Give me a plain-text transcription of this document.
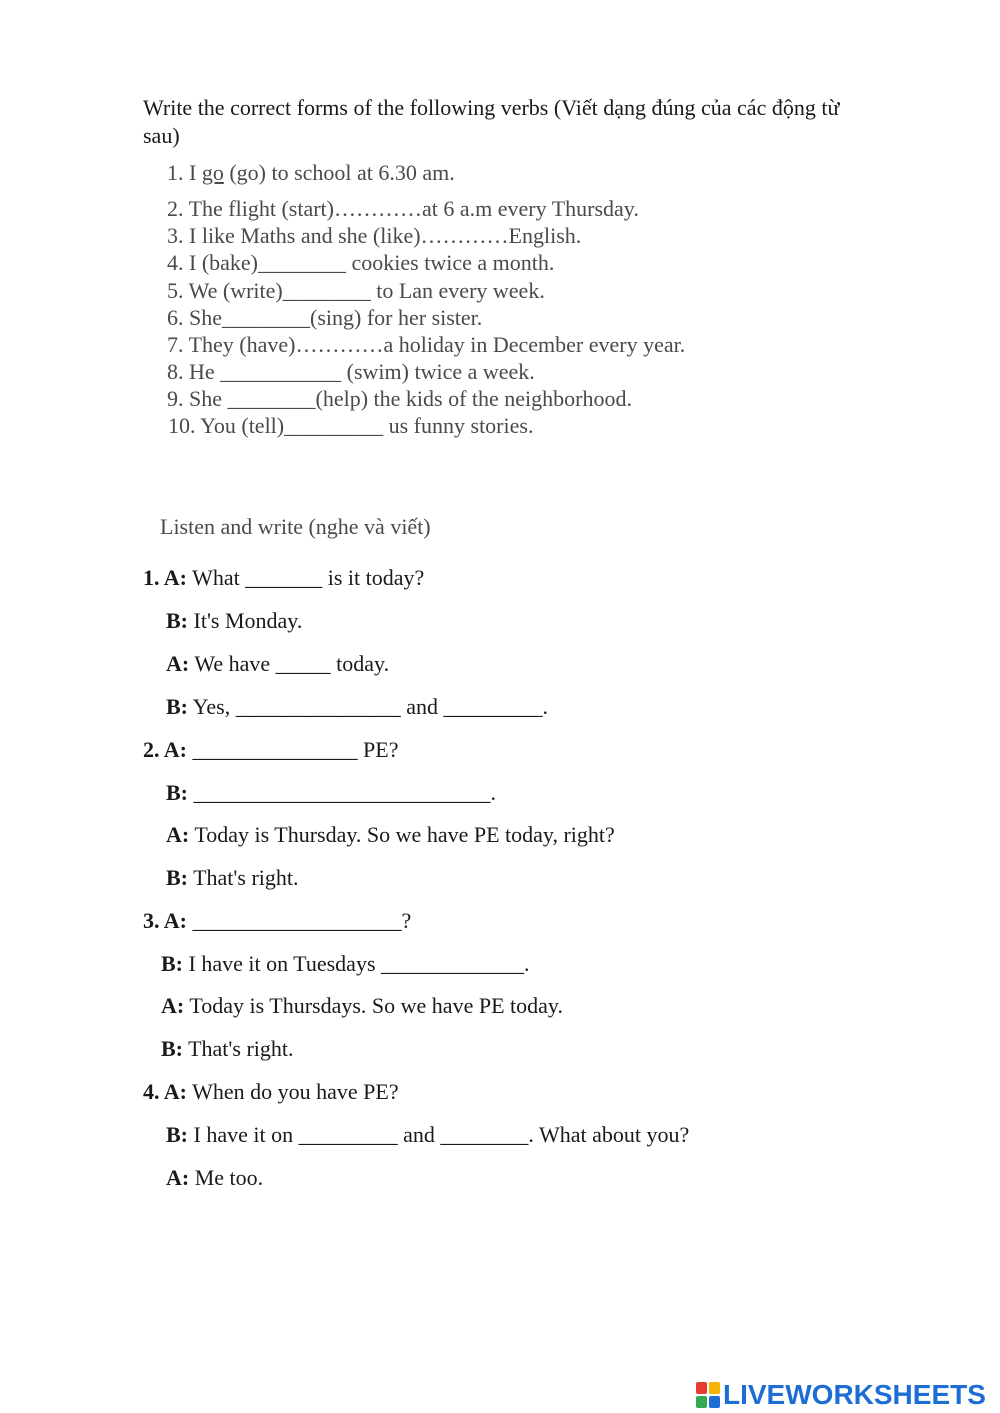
Write the correct forms of the following verbs (Viết dạng đúng của các động từ
sau)
1. I go (go) to school at 6.30 am.
2. The flight (start)…………at 6 a.m every Thursday.
3. I like Maths and she (like)…………English.
4. I (bake)________ cookies twice a month.
5. We (write)________ to Lan every week.
6. She________(sing) for her sister.
7. They (have)…………a holiday in December every year.
8. He ___________ (swim) twice a week.
9. She ________(help) the kids of the neighborhood.
10. You (tell)_________ us funny stories.
Listen and write (nghe và viết)
1. A: What _______ is it today?
B: It's Monday.
A: We have _____ today.
B: Yes, _______________ and _________.
2. A: _______________ PE?
B: ___________________________.
A: Today is Thursday. So we have PE today, right?
B: That's right.
3. A: ___________________?
B: I have it on Tuesdays _____________.
A: Today is Thursdays. So we have PE today.
B: That's right.
4. A: When do you have PE?
B: I have it on _________ and ________. What about you?
A: Me too.
LIVEWORKSHEETS
